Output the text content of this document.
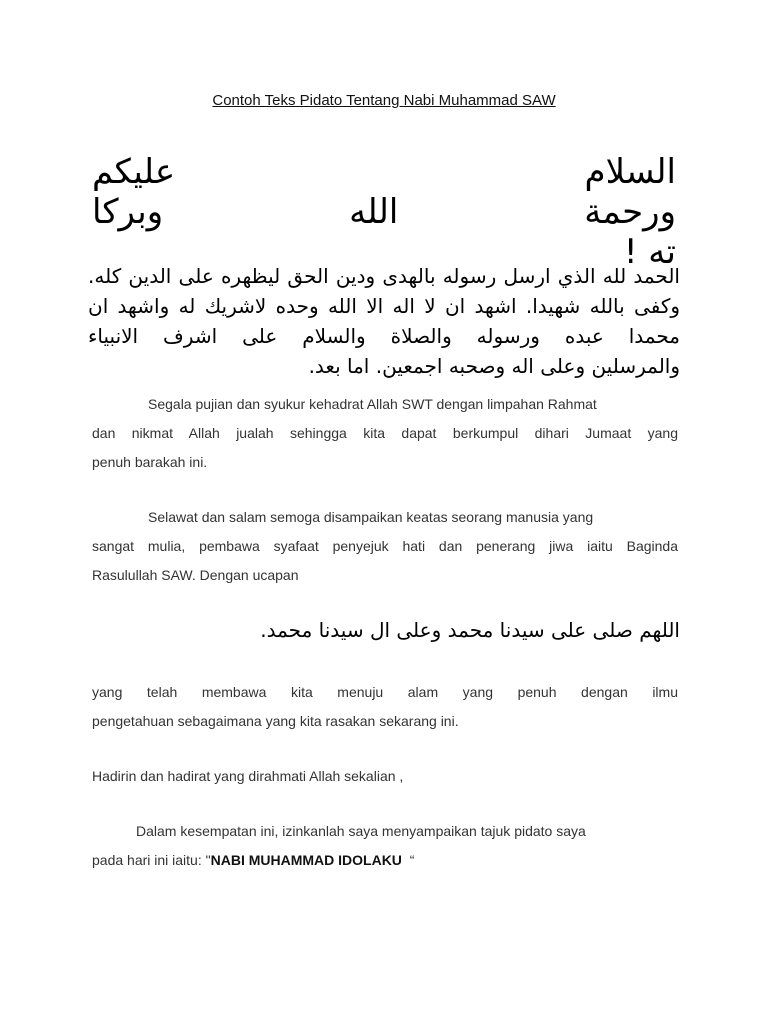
Contoh Teks Pidato Tentang Nabi Muhammad SAW
السلام عليكم
ورحمة الله وبركا
ته !
الحمد لله الذي ارسل رسوله بالهدى ودين الحق ليظهره على الدين كله.
وكفى بالله شهيدا. اشهد ان لا اله الا الله وحده لاشريك له واشهد ان
محمدا عبده ورسوله والصلاة والسلام على اشرف الانبياء
والمرسلين وعلى اله وصحبه اجمعين. اما بعد.
Segala pujian dan syukur kehadrat Allah SWT dengan limpahan Rahmat
dan nikmat Allah jualah sehingga kita dapat berkumpul dihari Jumaat yang
penuh barakah ini.
Selawat dan salam semoga disampaikan keatas seorang manusia yang
sangat mulia, pembawa syafaat penyejuk hati dan penerang jiwa iaitu Baginda
Rasulullah SAW. Dengan ucapan
اللهم صلى على سيدنا محمد وعلى ال سيدنا محمد.
yang telah membawa kita menuju alam yang penuh dengan ilmu
pengetahuan sebagaimana yang kita rasakan sekarang ini.
Hadirin dan hadirat yang dirahmati Allah sekalian ,
Dalam kesempatan ini, izinkanlah saya menyampaikan tajuk pidato saya
pada hari ini iaitu: "NABI MUHAMMAD IDOLAKU “
